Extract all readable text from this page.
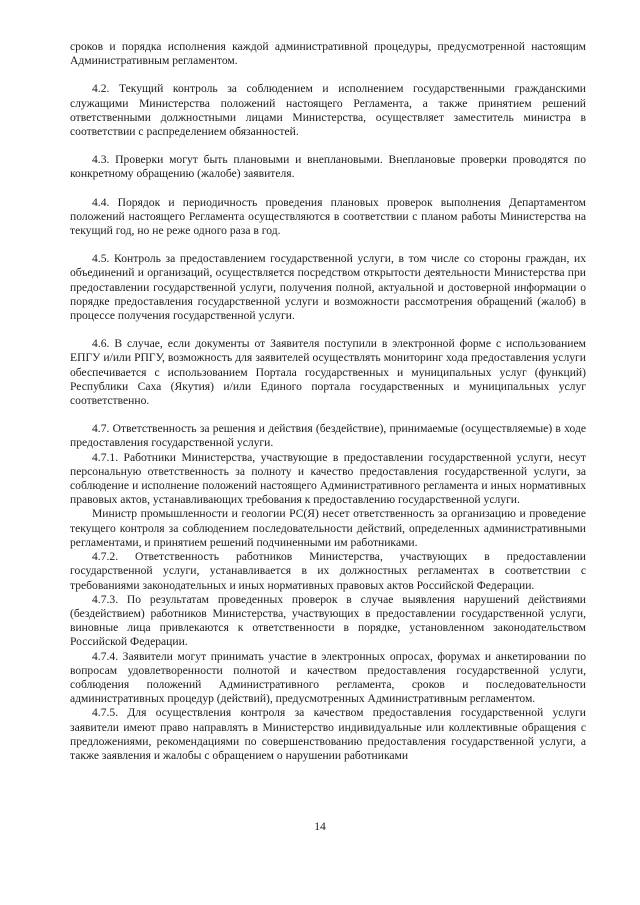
сроков и порядка исполнения каждой административной процедуры, предусмотренной настоящим Административным регламентом.

4.2. Текущий контроль за соблюдением и исполнением государственными гражданскими служащими Министерства положений настоящего Регламента, а также принятием решений ответственными должностными лицами Министерства, осуществляет заместитель министра в соответствии с распределением обязанностей.

4.3. Проверки могут быть плановыми и внеплановыми. Внеплановые проверки проводятся по конкретному обращению (жалобе) заявителя.

4.4. Порядок и периодичность проведения плановых проверок выполнения Департаментом положений настоящего Регламента осуществляются в соответствии с планом работы Министерства на текущий год, но не реже одного раза в год.

4.5. Контроль за предоставлением государственной услуги, в том числе со стороны граждан, их объединений и организаций, осуществляется посредством открытости деятельности Министерства при предоставлении государственной услуги, получения полной, актуальной и достоверной информации о порядке предоставления государственной услуги и возможности рассмотрения обращений (жалоб) в процессе получения государственной услуги.

4.6. В случае, если документы от Заявителя поступили в электронной форме с использованием ЕПГУ и/или РПГУ, возможность для заявителей осуществлять мониторинг хода предоставления услуги обеспечивается с использованием Портала государственных и муниципальных услуг (функций) Республики Саха (Якутия) и/или Единого портала государственных и муниципальных услуг соответственно.

4.7. Ответственность за решения и действия (бездействие), принимаемые (осуществляемые) в ходе предоставления государственной услуги.

4.7.1. Работники Министерства, участвующие в предоставлении государственной услуги, несут персональную ответственность за полноту и качество предоставления государственной услуги, за соблюдение и исполнение положений настоящего Административного регламента и иных нормативных правовых актов, устанавливающих требования к предоставлению государственной услуги.

Министр промышленности и геологии РС(Я) несет ответственность за организацию и проведение текущего контроля за соблюдением последовательности действий, определенных административными регламентами, и принятием решений подчиненными им работниками.

4.7.2. Ответственность работников Министерства, участвующих в предоставлении государственной услуги, устанавливается в их должностных регламентах в соответствии с требованиями законодательных и иных нормативных правовых актов Российской Федерации.

4.7.3. По результатам проведенных проверок в случае выявления нарушений действиями (бездействием) работников Министерства, участвующих в предоставлении государственной услуги, виновные лица привлекаются к ответственности в порядке, установленном законодательством Российской Федерации.

4.7.4. Заявители могут принимать участие в электронных опросах, форумах и анкетировании по вопросам удовлетворенности полнотой и качеством предоставления государственной услуги, соблюдения положений Административного регламента, сроков и последовательности административных процедур (действий), предусмотренных Административным регламентом.

4.7.5. Для осуществления контроля за качеством предоставления государственной услуги заявители имеют право направлять в Министерство индивидуальные или коллективные обращения с предложениями, рекомендациями по совершенствованию предоставления государственной услуги, а также заявления и жалобы с обращением о нарушении работниками

14
